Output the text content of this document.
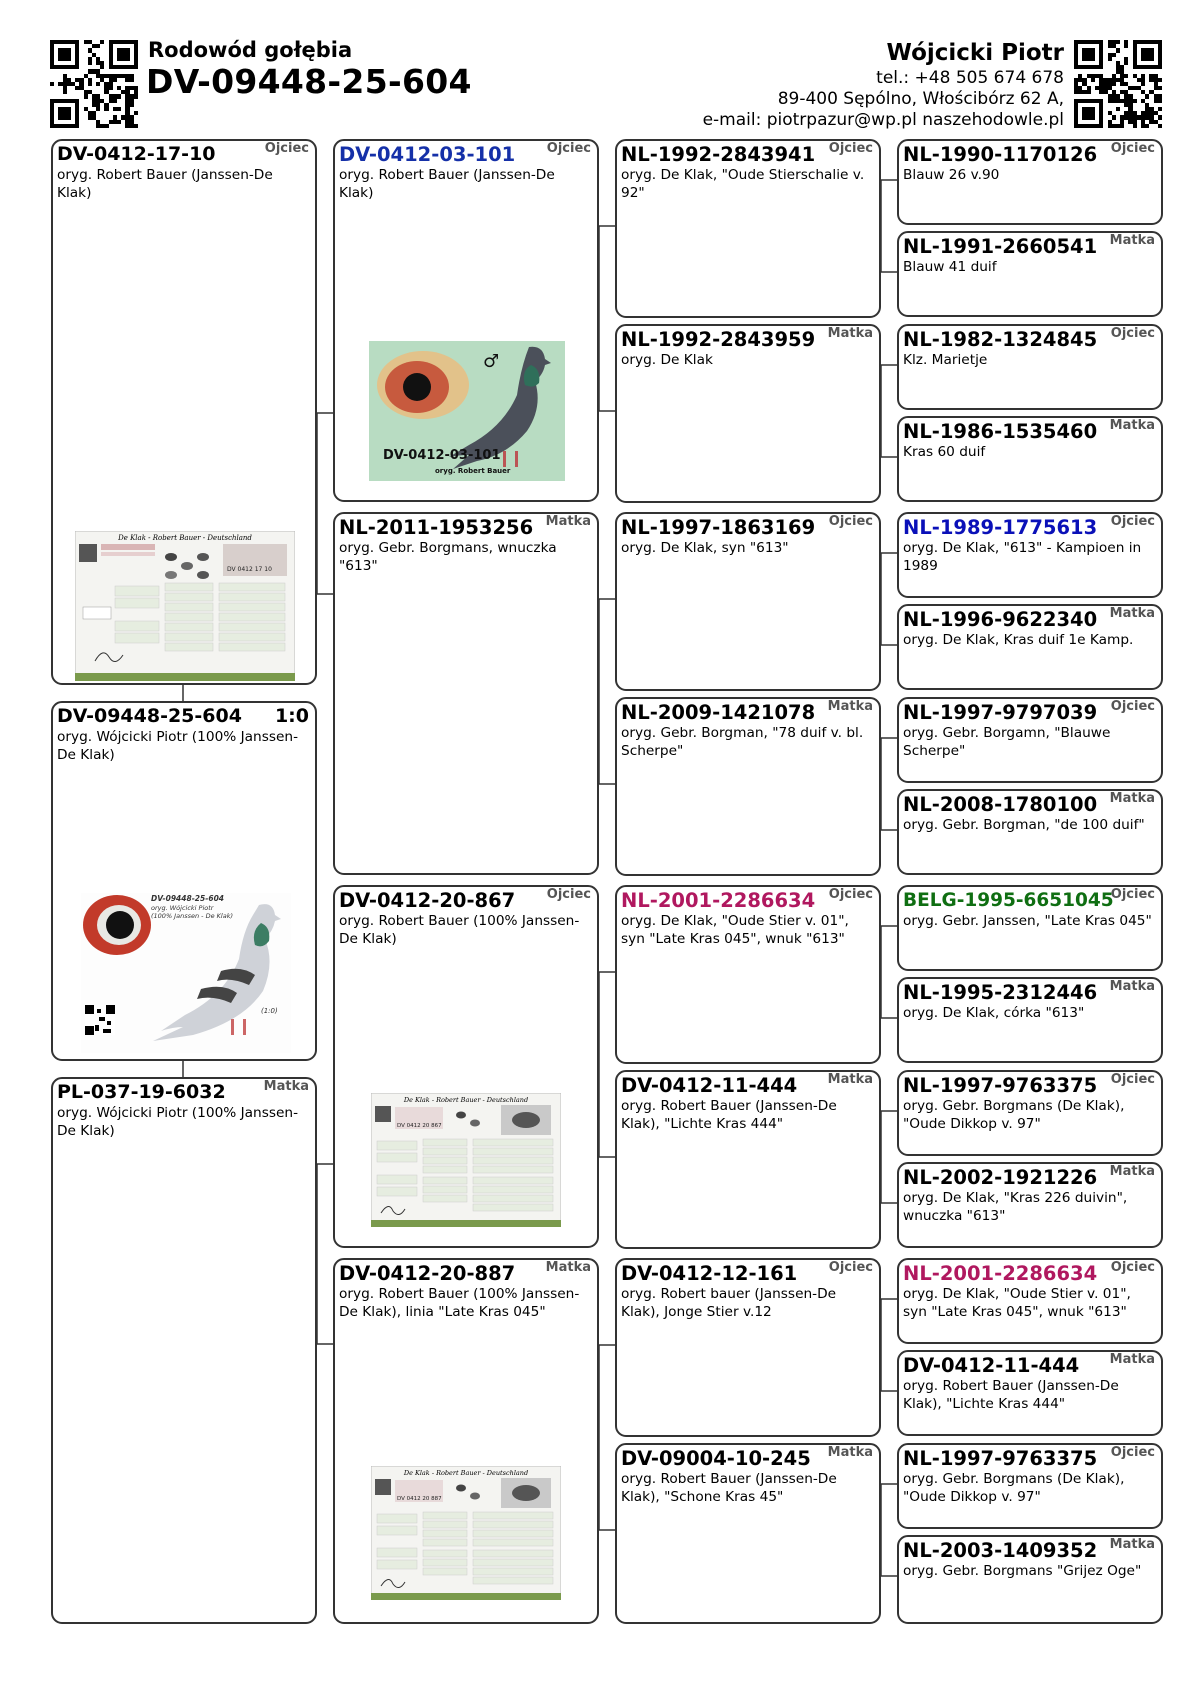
Rodowód gołębia
DV-09448-25-604
Wójcicki Piotr
tel.: +48 505 674 678
89-400 Sępólno, Włościbórz 62 A,
e-mail: piotrpazur@wp.pl naszehodowle.pl
DV-0412-17-10	Ojciec
oryg. Robert Bauer (Janssen-De Klak)
De Klak - Robert Bauer - Deutschland
DV 0412 17 10
DV-09448-25-604	1:0
oryg. Wójcicki Piotr (100% Janssen-De Klak)
DV-09448-25-604
oryg. Wójcicki Piotr
(100% Janssen - De Klak)
(1:0)
PL-037-19-6032	Matka
oryg. Wójcicki Piotr (100% Janssen-De Klak)
DV-0412-03-101	Ojciec
oryg. Robert Bauer (Janssen-De Klak)
♂
DV-0412-03-101
oryg. Robert Bauer
NL-2011-1953256 Matka
oryg. Gebr. Borgmans, wnuczka "613"
DV-0412-20-867	Ojciec
oryg. Robert Bauer (100% Janssen-De Klak)
De Klak - Robert Bauer - Deutschland
DV 0412 20 867
DV-0412-20-887	Matka
oryg. Robert Bauer (100% Janssen-De Klak), linia "Late Kras 045"
De Klak - Robert Bauer - Deutschland
DV 0412 20 887
NL-1992-2843941	Ojciec
oryg. De Klak, "Oude Stierschalie v. 92"
NL-1992-2843959 Matka
oryg. De Klak
NL-1997-1863169	Ojciec
oryg. De Klak, syn "613"
NL-2009-1421078 Matka
oryg. Gebr. Borgman, "78 duif v. bl. Scherpe"
NL-2001-2286634	Ojciec
oryg. De Klak, "Oude Stier v. 01", syn "Late Kras 045", wnuk "613"
DV-0412-11-444	Matka
oryg. Robert Bauer (Janssen-De Klak), "Lichte Kras 444"
DV-0412-12-161	Ojciec
oryg. Robert bauer (Janssen-De Klak), Jonge Stier v.12
DV-09004-10-245	Matka
oryg. Robert Bauer (Janssen-De Klak), "Schone Kras 45"
NL-1990-1170126	Ojciec
Blauw 26 v.90
NL-1991-2660541 Matka
Blauw 41 duif
NL-1982-1324845	Ojciec
Klz. Marietje
NL-1986-1535460 Matka
Kras 60 duif
NL-1989-1775613	Ojciec
oryg. De Klak, "613" - Kampioen in 1989
NL-1996-9622340 Matka
oryg. De Klak, Kras duif 1e Kamp.
NL-1997-9797039	Ojciec
oryg. Gebr. Borgamn, "Blauwe Scherpe"
NL-2008-1780100 Matka
oryg. Gebr. Borgman, "de 100 duif"
BELG-1995-6651045
Ojciec
oryg. Gebr. Janssen, "Late Kras 045"
NL-1995-2312446 Matka
oryg. De Klak, córka "613"
NL-1997-9763375	Ojciec
oryg. Gebr. Borgmans (De Klak), "Oude Dikkop v. 97"
NL-2002-1921226 Matka
oryg. De Klak, "Kras 226 duivin", wnuczka "613"
NL-2001-2286634	Ojciec
oryg. De Klak, "Oude Stier v. 01", syn "Late Kras 045", wnuk "613"
DV-0412-11-444	Matka
oryg. Robert Bauer (Janssen-De Klak), "Lichte Kras 444"
NL-1997-9763375	Ojciec
oryg. Gebr. Borgmans (De Klak), "Oude Dikkop v. 97"
NL-2003-1409352 Matka
oryg. Gebr. Borgmans "Grijez Oge"
